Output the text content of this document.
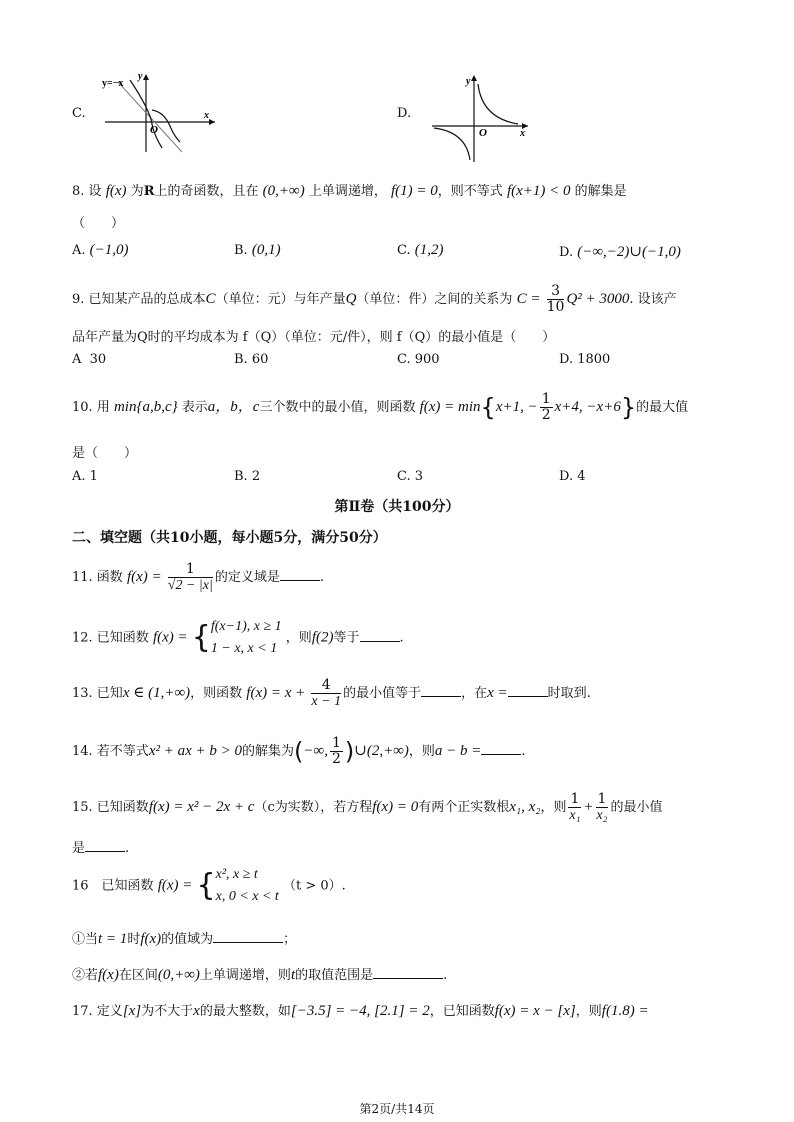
C.
y=−x
y
x
O
D.
y
x
O
8. 设 f(x) 为R上的奇函数，且在 (0,+∞) 上单调递增， f(1) = 0，则不等式 f(x+1) < 0 的解集是
（　　）
A. (−1,0)	B. (0,1)	C. (1,2)	D. (−∞,−2)∪(−1,0)
9. 已知某产品的总成本C（单位：元）与年产量Q（单位：件）之间的关系为 $C = \frac{3}{10} Q^2 + 3000$. 设该产
品年产量为Q时的平均成本为 f（Q）（单位：元/件），则 f（Q）的最小值是（　　）
A 30	B. 60	C. 900	D. 1800
10. 用 min{a,b,c} 表示a，b，c三个数中的最小值，则函数 f(x) = min{x+1, − $\frac{1}{2} x+4$, −x+6}的最大值
是（　　）
A. 1	B. 2	C. 3	D. 4
第Ⅱ卷（共100分）
二、填空题（共10小题，每小题5分，满分50分）
11. 函数 $f(x) = \frac{1}{√2 - |x|}$ 的定义域是	.
12. 已知函数 f(x) = { f(x−1), x ≥ 1
1 − x, x < 1
，则f(2)等于	.
13. 已知x ∈ (1,+∞)，则函数 $f(x) = x + \frac{4}{x - 1}$ 的最小值等于	，在x =	时取到.
14. 若不等式x² + ax + b > 0的解集为(−∞, $\frac{1}{2}$ )∪(2,+∞)，则a − b =	.
15. 已知函数f(x) = x² − 2x + c（c为实数），若方程f(x) = 0有两个正实数根x₁, x₂，则 $\frac{1}{\text{x₁}} + \frac{1}{\text{x₂}}$ 的最小值
是	.
16　已知函数 f(x) = { x², x ≥ t
x, 0 < x < t
（t > 0）.
①当t = 1时f(x)的值域为	；
②若f(x)在区间(0,+∞)上单调递增，则t的取值范围是	.
17. 定义[x]为不大于x的最大整数，如[−3.5] = −4, [2.1] = 2，已知函数f(x) = x − [x]，则f(1.8) =
第2页/共14页
